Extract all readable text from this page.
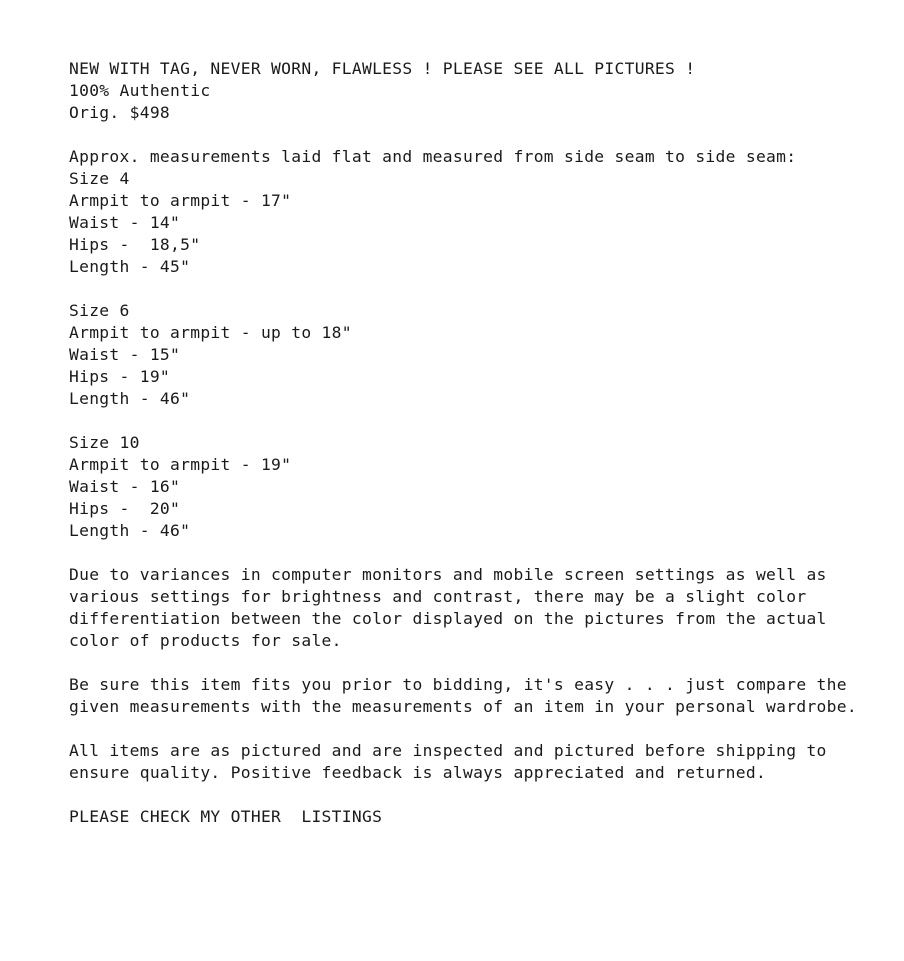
NEW WITH TAG, NEVER WORN, FLAWLESS ! PLEASE SEE ALL PICTURES !
100% Authentic
Orig. $498
Approx. measurements laid flat and measured from side seam to side seam:
Size 4
Armpit to armpit - 17"
Waist - 14"
Hips -  18,5"
Length - 45"
Size 6
Armpit to armpit - up to 18"
Waist - 15"
Hips - 19"
Length - 46"
Size 10
Armpit to armpit - 19"
Waist - 16"
Hips -  20"
Length - 46"
Due to variances in computer monitors and mobile screen settings as well as
various settings for brightness and contrast, there may be a slight color
differentiation between the color displayed on the pictures from the actual
color of products for sale.
Be sure this item fits you prior to bidding, it's easy . . . just compare the
given measurements with the measurements of an item in your personal wardrobe.
All items are as pictured and are inspected and pictured before shipping to
ensure quality. Positive feedback is always appreciated and returned.
PLEASE CHECK MY OTHER  LISTINGS
